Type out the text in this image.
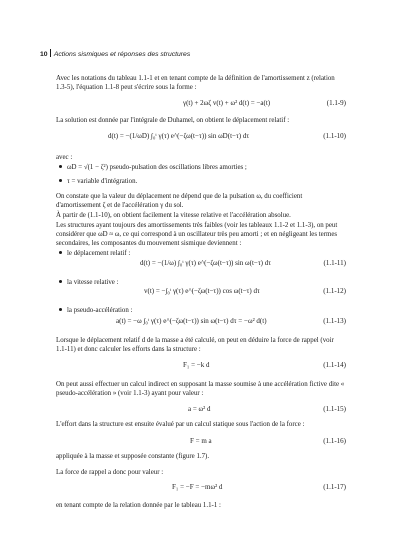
10 Actions sismiques et réponses des structures

Avec les notations du tableau 1.1-1 et en tenant compte de la définition de l'amortissement z (relation 1.3-5), l'équation 1.1-8 peut s'écrire sous la forme :

γ(t) + 2ωζ v(t) + ω² d(t) = −a(t)	(1.1-9)

La solution est donnée par l'intégrale de Duhamel, on obtient le déplacement relatif :

d(t) = −(1/ωD) ∫₀ᵗ γ(τ) e^(−ζω(t−τ)) sin ωD(t−τ) dτ	(1.1-10)

avec :

ωD = √(1 − ζ²) pseudo-pulsation des oscillations libres amorties ;
τ = variable d'intégration.

On constate que la valeur du déplacement ne dépend que de la pulsation ω, du coefficient d'amortissement ζ et de l'accélération γ du sol.

À partir de (1.1-10), on obtient facilement la vitesse relative et l'accélération absolue.

Les structures ayant toujours des amortissements très faibles (voir les tableaux 1.1-2 et 1.1-3), on peut considérer que ωD ≈ ω, ce qui correspond à un oscillateur très peu amorti ; et en négligeant les termes secondaires, les composantes du mouvement sismique deviennent :

le déplacement relatif :
d(t) = −(1/ω) ∫₀ᵗ γ(τ) e^(−ζω(t−τ)) sin ω(t−τ) dτ	(1.1-11)
la vitesse relative :
v(t) = −∫₀ᵗ γ(τ) e^(−ζω(t−τ)) cos ω(t−τ) dτ	(1.1-12)
la pseudo-accélération :
a(t) = −ω ∫₀ᵗ γ(τ) e^(−ζω(t−τ)) sin ω(t−τ) dτ = −ω² d(t)	(1.1-13)

Lorsque le déplacement relatif d de la masse a été calculé, on peut en déduire la force de rappel (voir 1.1-11) et donc calculer les efforts dans la structure :

F₁ = −k d	(1.1-14)

On peut aussi effectuer un calcul indirect en supposant la masse soumise à une accélération fictive dite « pseudo-accélération » (voir 1.1-3) ayant pour valeur :

a = ω² d	(1.1-15)

L'effort dans la structure est ensuite évalué par un calcul statique sous l'action de la force :

F = m a	(1.1-16)

appliquée à la masse et supposée constante (figure 1.7).

La force de rappel a donc pour valeur :

F₁ = −F = −mω² d	(1.1-17)

en tenant compte de la relation donnée par le tableau 1.1-1 :
